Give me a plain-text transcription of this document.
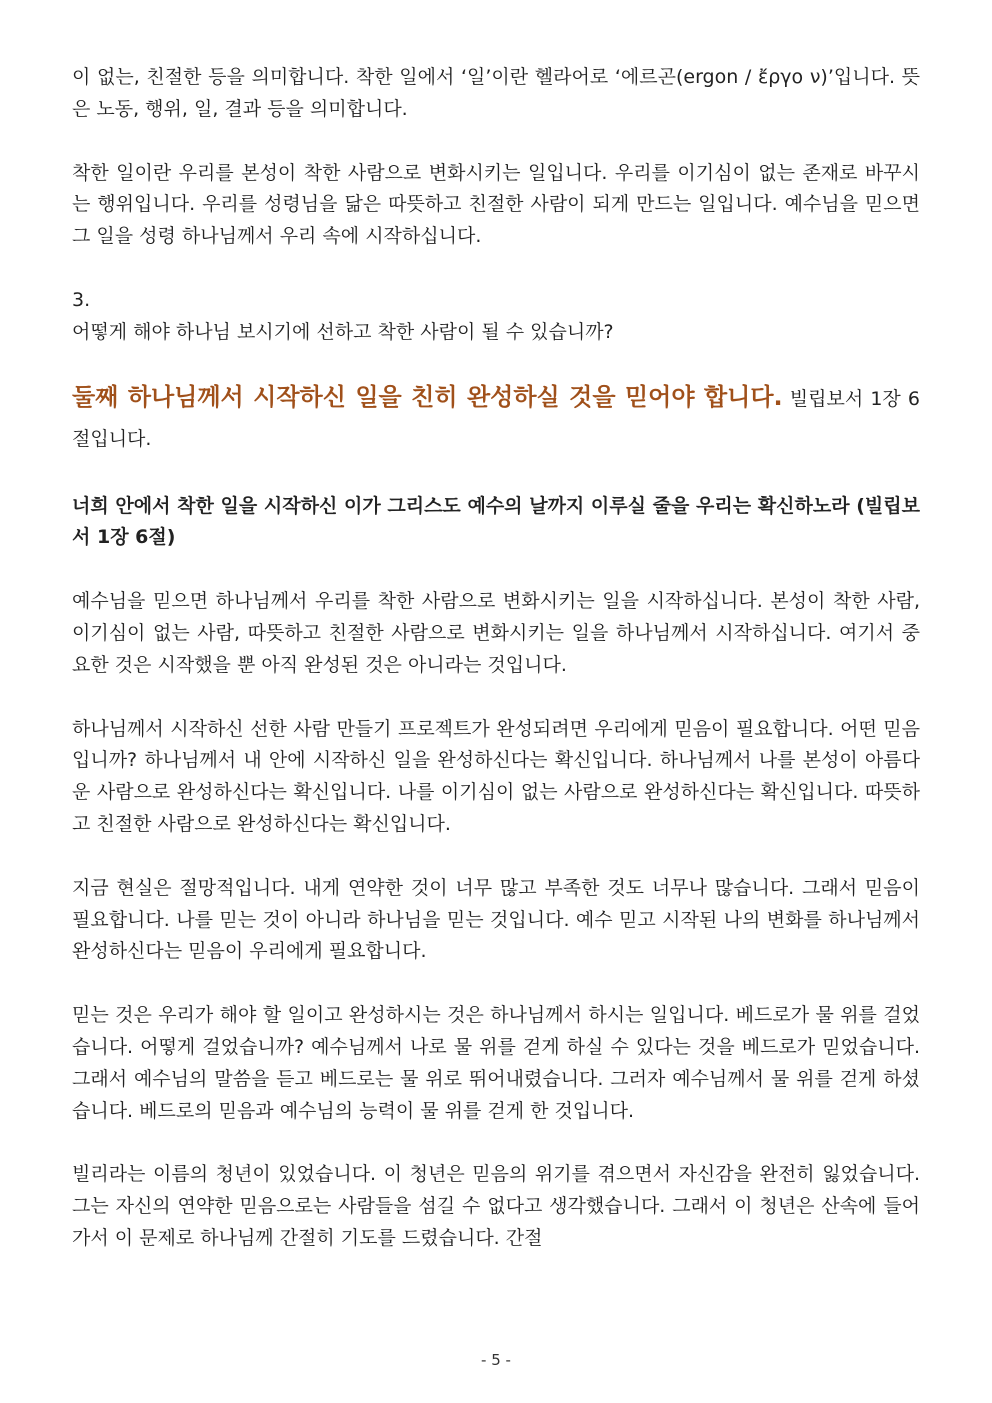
이 없는, 친절한 등을 의미합니다. 착한 일에서 ‘일’이란 헬라어로 ‘에르곤(ergon / ἔργο ν)’입니다. 뜻은 노동, 행위, 일, 결과 등을 의미합니다.

착한 일이란 우리를 본성이 착한 사람으로 변화시키는 일입니다. 우리를 이기심이 없는 존재로 바꾸시는 행위입니다. 우리를 성령님을 닮은 따뜻하고 친절한 사람이 되게 만드는 일입니다. 예수님을 믿으면 그 일을 성령 하나님께서 우리 속에 시작하십니다.

3.

어떻게 해야 하나님 보시기에 선하고 착한 사람이 될 수 있습니까?

둘째 하나님께서 시작하신 일을 친히 완성하실 것을 믿어야 합니다. 빌립보서 1장 6절입니다.

너희 안에서 착한 일을 시작하신 이가 그리스도 예수의 날까지 이루실 줄을 우리는 확신하노라 (빌립보서 1장 6절)

예수님을 믿으면 하나님께서 우리를 착한 사람으로 변화시키는 일을 시작하십니다. 본성이 착한 사람, 이기심이 없는 사람, 따뜻하고 친절한 사람으로 변화시키는 일을 하나님께서 시작하십니다. 여기서 중요한 것은 시작했을 뿐 아직 완성된 것은 아니라는 것입니다.

하나님께서 시작하신 선한 사람 만들기 프로젝트가 완성되려면 우리에게 믿음이 필요합니다. 어떤 믿음입니까? 하나님께서 내 안에 시작하신 일을 완성하신다는 확신입니다. 하나님께서 나를 본성이 아름다운 사람으로 완성하신다는 확신입니다. 나를 이기심이 없는 사람으로 완성하신다는 확신입니다. 따뜻하고 친절한 사람으로 완성하신다는 확신입니다.

지금 현실은 절망적입니다. 내게 연약한 것이 너무 많고 부족한 것도 너무나 많습니다. 그래서 믿음이 필요합니다. 나를 믿는 것이 아니라 하나님을 믿는 것입니다. 예수 믿고 시작된 나의 변화를 하나님께서 완성하신다는 믿음이 우리에게 필요합니다.

믿는 것은 우리가 해야 할 일이고 완성하시는 것은 하나님께서 하시는 일입니다. 베드로가 물 위를 걸었습니다. 어떻게 걸었습니까? 예수님께서 나로 물 위를 걷게 하실 수 있다는 것을 베드로가 믿었습니다. 그래서 예수님의 말씀을 듣고 베드로는 물 위로 뛰어내렸습니다. 그러자 예수님께서 물 위를 걷게 하셨습니다. 베드로의 믿음과 예수님의 능력이 물 위를 걷게 한 것입니다.

빌리라는 이름의 청년이 있었습니다. 이 청년은 믿음의 위기를 겪으면서 자신감을 완전히 잃었습니다. 그는 자신의 연약한 믿음으로는 사람들을 섬길 수 없다고 생각했습니다. 그래서 이 청년은 산속에 들어가서 이 문제로 하나님께 간절히 기도를 드렸습니다. 간절

- 5 -
